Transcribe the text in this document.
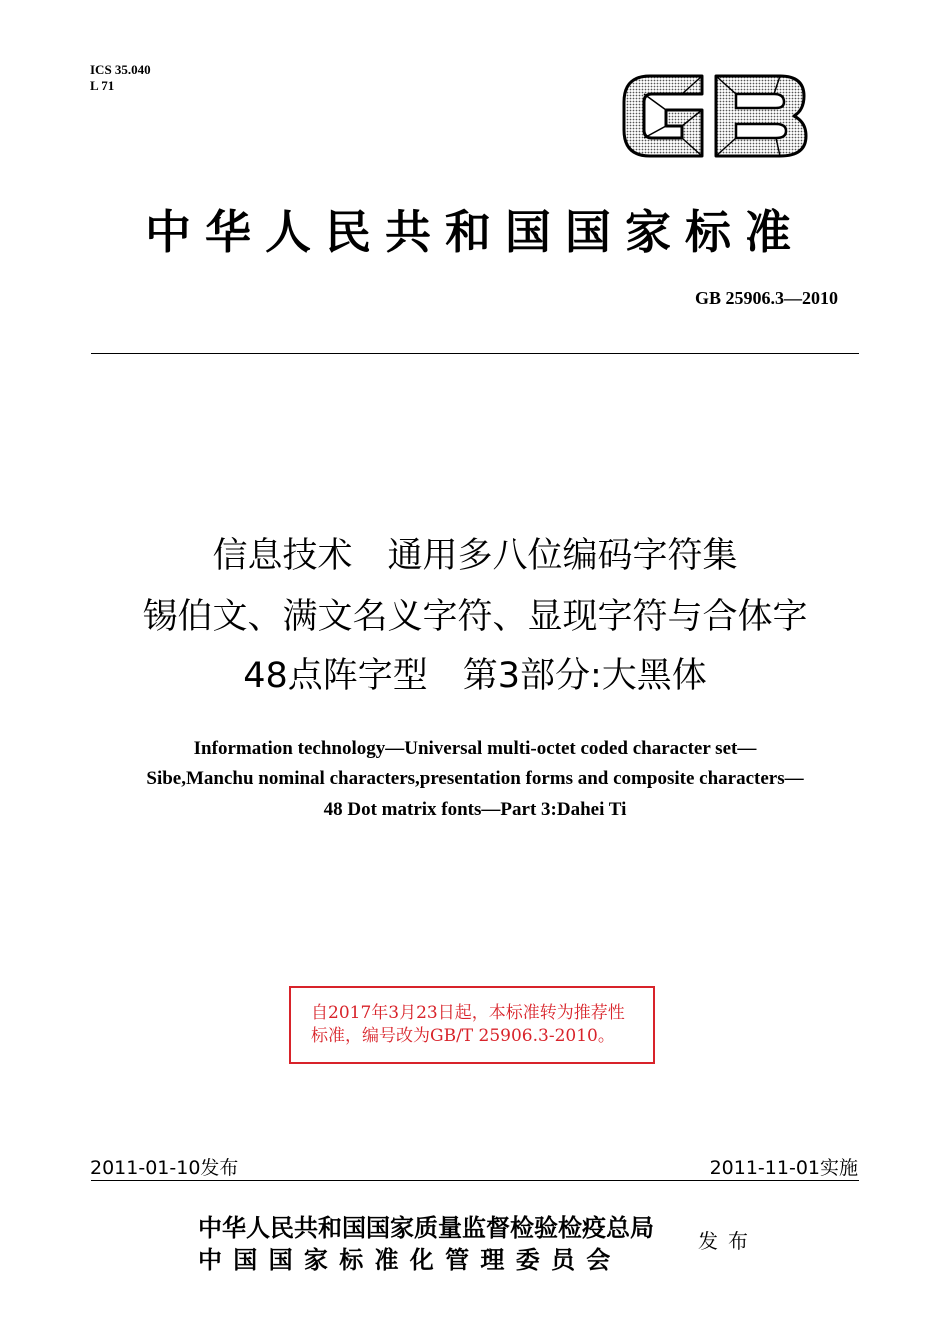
ICS 35.040
L 71
中华人民共和国国家标准
GB 25906.3—2010
信息技术　通用多八位编码字符集
锡伯文、满文名义字符、显现字符与合体字
48点阵字型　第3部分:大黑体
Information technology—Universal multi-octet coded character set—
Sibe,Manchu nominal characters,presentation forms and composite characters—
48 Dot matrix fonts—Part 3:Dahei Ti
自2017年3月23日起，本标准转为推荐性
标准，编号改为GB/T 25906.3-2010。
2011-01-10发布	2011-11-01实施
中华人民共和国国家质量监督检验检疫总局
中国国家标准化管理委员会
发布
